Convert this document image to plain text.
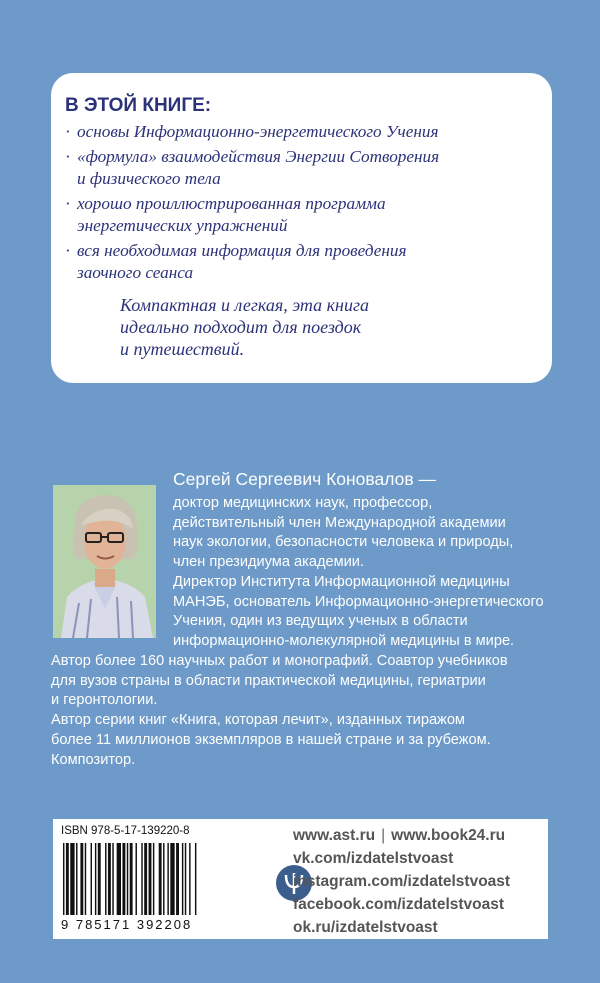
В ЭТОЙ КНИГЕ:
· основы Информационно-энергетического Учения
· «формула» взаимодействия Энергии Сотворения
и физического тела
· хорошо проиллюстрированная программа
энергетических упражнений
· вся необходимая информация для проведения
заочного сеанса
Компактная и легкая, эта книга
идеально подходит для поездок
и путешествий.
Сергей Сергеевич Коновалов —
доктор медицинских наук, профессор,
действительный член Международной академии
наук экологии, безопасности человека и природы,
член президиума академии.
Директор Института Информационной медицины
МАНЭБ, основатель Информационно-энергетического
Учения, один из ведущих ученых в области
информационно-молекулярной медицины в мире.
Автор более 160 научных работ и монографий. Соавтор учебников
для вузов страны в области практической медицины, гериатрии
и геронтологии.
Автор серии книг «Книга, которая лечит», изданных тиражом
более 11 миллионов экземпляров в нашей стране и за рубежом.
Композитор.
ISBN 978-5-17-139220-8
9 785171 392208
www.ast.ru | www.book24.ru
vk.com/izdatelstvoast
instagram.com/izdatelstvoast
facebook.com/izdatelstvoast
ok.ru/izdatelstvoast
